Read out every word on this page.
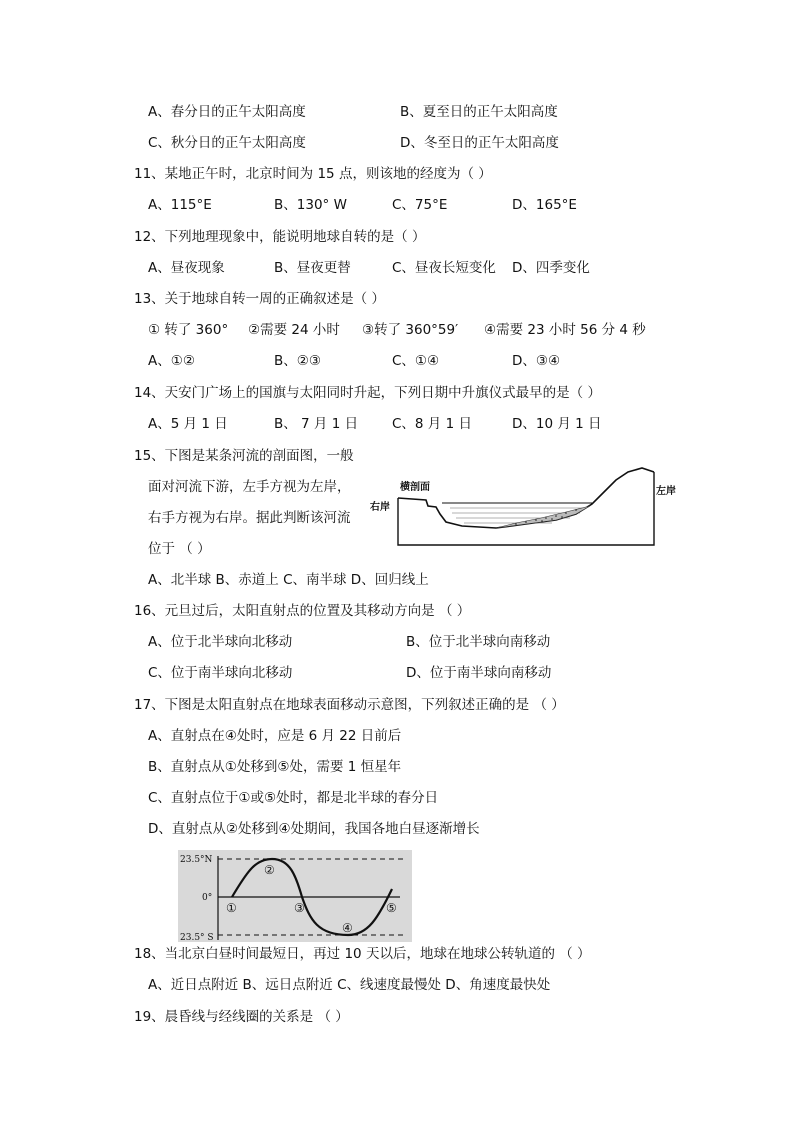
A、春分日的正午太阳高度	B、夏至日的正午太阳高度
C、秋分日的正午太阳高度	D、冬至日的正午太阳高度
11、某地正午时，北京时间为 15 点，则该地的经度为（ ）
A、115°E	B、130° W	C、75°E	D、165°E
12、下列地理现象中，能说明地球自转的是（ ）
A、昼夜现象	B、昼夜更替	C、昼夜长短变化 D、四季变化
13、关于地球自转一周的正确叙述是（ ）
① 转了 360° ②需要 24 小时 ③转了 360°59′ ④需要 23 小时 56 分 4 秒
A、①②	B、②③	C、①④	D、③④
14、天安门广场上的国旗与太阳同时升起，下列日期中升旗仪式最早的是（ ）
A、5 月 1 日	B、 7 月 1 日	C、8 月 1 日	D、10 月 1 日
15、下图是某条河流的剖面图，一般
面对河流下游，左手方视为左岸，
右手方视为右岸。据此判断该河流
位于 （ ）
横剖面
右岸
左岸
A、北半球 B、赤道上 C、南半球 D、回归线上
16、元旦过后，太阳直射点的位置及其移动方向是 （ ）
A、位于北半球向北移动	B、位于北半球向南移动
C、位于南半球向北移动	D、位于南半球向南移动
17、下图是太阳直射点在地球表面移动示意图，下列叙述正确的是 （ ）
A、直射点在④处时，应是 6 月 22 日前后
B、直射点从①处移到⑤处，需要 1 恒星年
C、直射点位于①或⑤处时，都是北半球的春分日
D、直射点从②处移到④处期间，我国各地白昼逐渐增长
23.5°N
0°
23.5° S
①
②
③
④
⑤
18、当北京白昼时间最短日，再过 10 天以后，地球在地球公转轨道的 （ ）
A、近日点附近 B、远日点附近 C、线速度最慢处 D、角速度最快处
19、晨昏线与经线圈的关系是 （ ）
